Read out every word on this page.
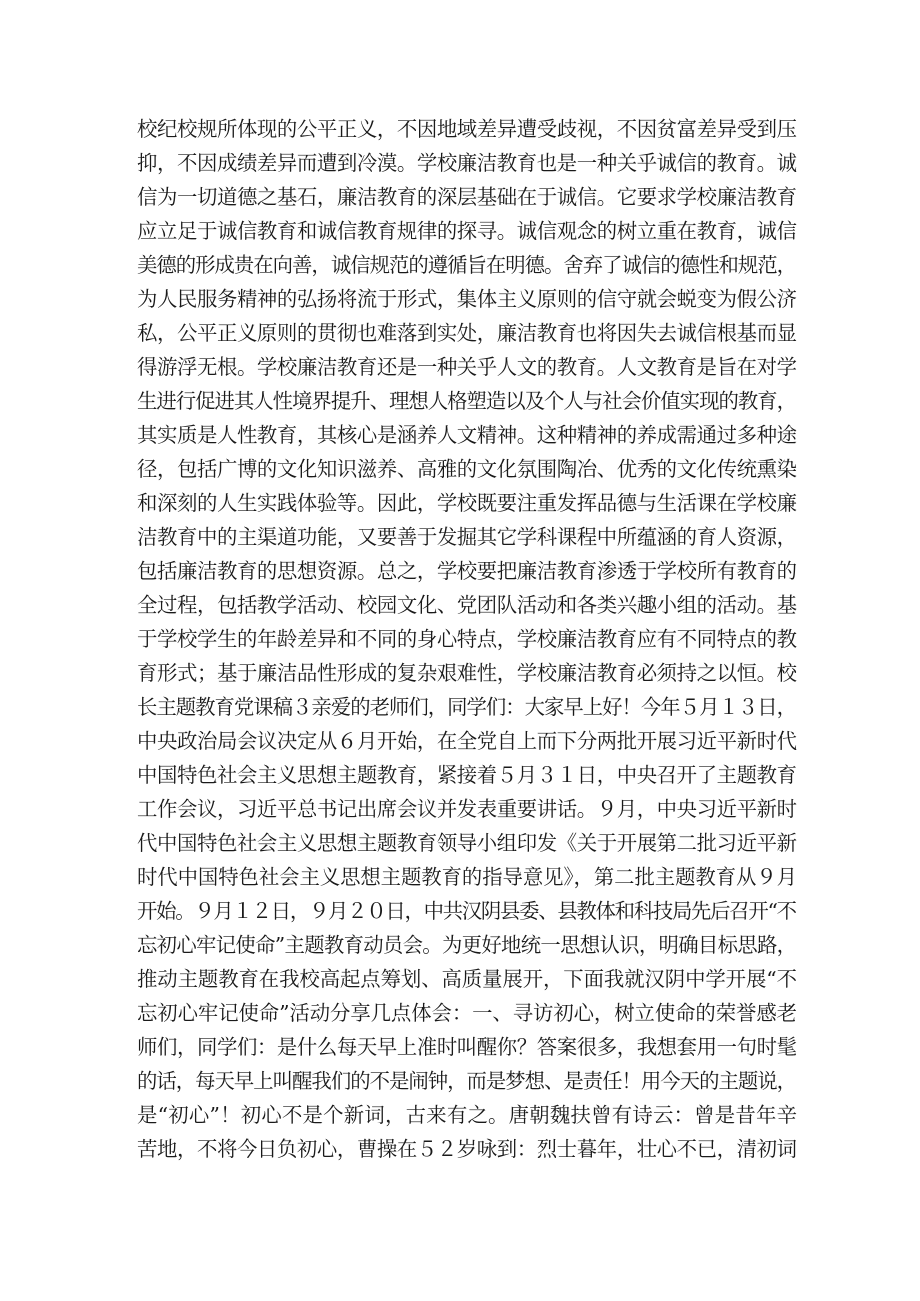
校纪校规所体现的公平正义，不因地域差异遭受歧视，不因贫富差异受到压
抑，不因成绩差异而遭到冷漠。学校廉洁教育也是一种关乎诚信的教育。诚
信为一切道德之基石，廉洁教育的深层基础在于诚信。它要求学校廉洁教育
应立足于诚信教育和诚信教育规律的探寻。诚信观念的树立重在教育，诚信
美德的形成贵在向善，诚信规范的遵循旨在明德。舍弃了诚信的德性和规范，
为人民服务精神的弘扬将流于形式，集体主义原则的信守就会蜕变为假公济
私，公平正义原则的贯彻也难落到实处，廉洁教育也将因失去诚信根基而显
得游浮无根。学校廉洁教育还是一种关乎人文的教育。人文教育是旨在对学
生进行促进其人性境界提升、理想人格塑造以及个人与社会价值实现的教育，
其实质是人性教育，其核心是涵养人文精神。这种精神的养成需通过多种途
径，包括广博的文化知识滋养、高雅的文化氛围陶冶、优秀的文化传统熏染
和深刻的人生实践体验等。因此，学校既要注重发挥品德与生活课在学校廉
洁教育中的主渠道功能，又要善于发掘其它学科课程中所蕴涵的育人资源，
包括廉洁教育的思想资源。总之，学校要把廉洁教育渗透于学校所有教育的
全过程，包括教学活动、校园文化、党团队活动和各类兴趣小组的活动。基
于学校学生的年龄差异和不同的身心特点，学校廉洁教育应有不同特点的教
育形式；基于廉洁品性形成的复杂艰难性，学校廉洁教育必须持之以恒。校
长主题教育党课稿３亲爱的老师们，同学们：大家早上好！今年５月１３日，
中央政治局会议决定从６月开始，在全党自上而下分两批开展习近平新时代
中国特色社会主义思想主题教育，紧接着５月３１日，中央召开了主题教育
工作会议，习近平总书记出席会议并发表重要讲话。９月，中央习近平新时
代中国特色社会主义思想主题教育领导小组印发《关于开展第二批习近平新
时代中国特色社会主义思想主题教育的指导意见》，第二批主题教育从９月
开始。９月１２日，９月２０日，中共汉阴县委、县教体和科技局先后召开“不
忘初心牢记使命”主题教育动员会。为更好地统一思想认识，明确目标思路，
推动主题教育在我校高起点筹划、高质量展开，下面我就汉阴中学开展“不
忘初心牢记使命”活动分享几点体会：一、寻访初心，树立使命的荣誉感老
师们，同学们：是什么每天早上准时叫醒你？答案很多，我想套用一句时髦
的话，每天早上叫醒我们的不是闹钟，而是梦想、是责任！用今天的主题说，
是“初心”！初心不是个新词，古来有之。唐朝魏扶曾有诗云：曾是昔年辛
苦地，不将今日负初心，曹操在５２岁咏到：烈士暮年，壮心不已，清初词
